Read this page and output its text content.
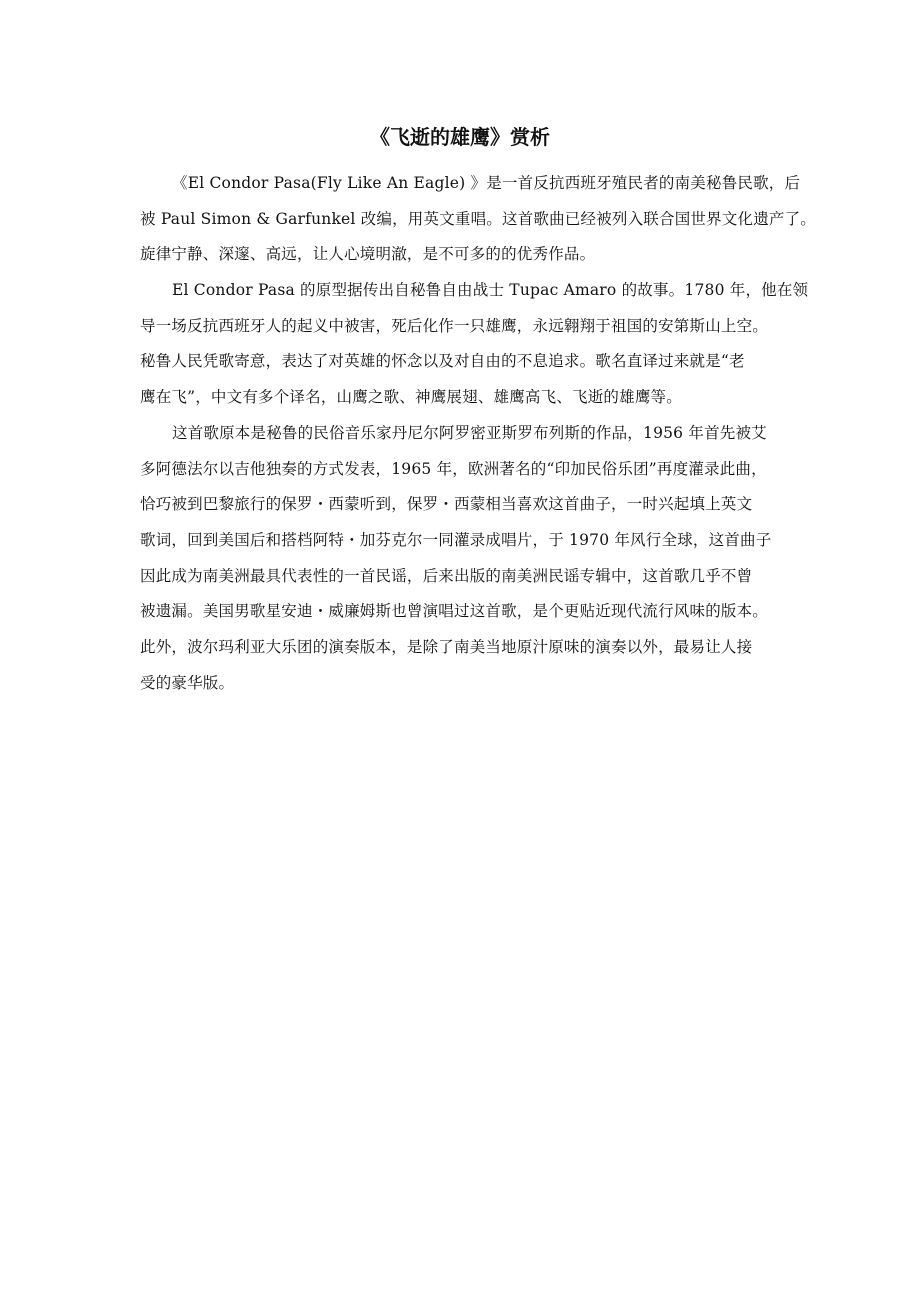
《飞逝的雄鹰》赏析
《El Condor Pasa(Fly Like An Eagle) 》是一首反抗西班牙殖民者的南美秘鲁民歌，后
被 Paul Simon & Garfunkel 改编，用英文重唱。这首歌曲已经被列入联合国世界文化遗产了。
旋律宁静、深邃、高远，让人心境明澈，是不可多的的优秀作品。
El Condor Pasa 的原型据传出自秘鲁自由战士 Tupac Amaro 的故事。1780 年，他在领
导一场反抗西班牙人的起义中被害，死后化作一只雄鹰，永远翱翔于祖国的安第斯山上空。
秘鲁人民凭歌寄意，表达了对英雄的怀念以及对自由的不息追求。歌名直译过来就是“老
鹰在飞”，中文有多个译名，山鹰之歌、神鹰展翅、雄鹰高飞、飞逝的雄鹰等。
这首歌原本是秘鲁的民俗音乐家丹尼尔阿罗密亚斯罗布列斯的作品，1956 年首先被艾
多阿德法尔以吉他独奏的方式发表，1965 年，欧洲著名的“印加民俗乐团”再度灌录此曲，
恰巧被到巴黎旅行的保罗・西蒙听到，保罗・西蒙相当喜欢这首曲子，一时兴起填上英文
歌词，回到美国后和搭档阿特・加芬克尔一同灌录成唱片，于 1970 年风行全球，这首曲子
因此成为南美洲最具代表性的一首民谣，后来出版的南美洲民谣专辑中，这首歌几乎不曾
被遗漏。美国男歌星安迪・威廉姆斯也曾演唱过这首歌，是个更贴近现代流行风味的版本。
此外，波尔玛利亚大乐团的演奏版本，是除了南美当地原汁原味的演奏以外，最易让人接
受的豪华版。
